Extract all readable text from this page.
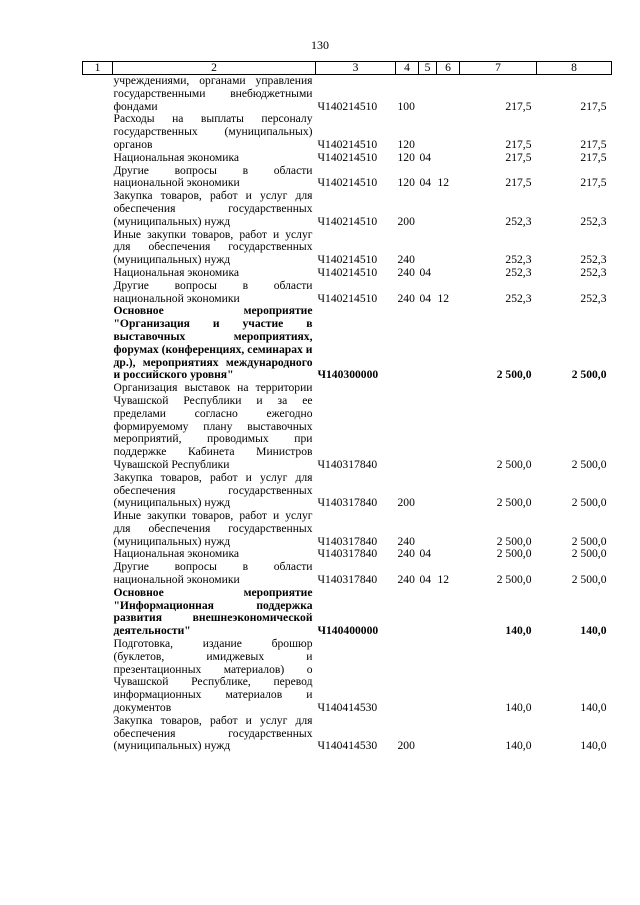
130
1	2	3	4	5	6	7	8
	учреждениями, органами управления государственными внебюджетными фондами	Ч140214510	100			217,5	217,5
	Расходы на выплаты персоналу государственных (муниципальных) органов	Ч140214510	120			217,5	217,5
	Национальная экономика	Ч140214510	120	04		217,5	217,5
	Другие вопросы в области национальной экономики	Ч140214510	120	04	12	217,5	217,5
	Закупка товаров, работ и услуг для обеспечения государственных (муниципальных) нужд	Ч140214510	200			252,3	252,3
	Иные закупки товаров, работ и услуг для обеспечения государственных (муниципальных) нужд	Ч140214510	240			252,3	252,3
	Национальная экономика	Ч140214510	240	04		252,3	252,3
	Другие вопросы в области национальной экономики	Ч140214510	240	04	12	252,3	252,3
	Основное мероприятие "Организация и участие в выставочных мероприятиях, форумах (конференциях, семинарах и др.), мероприятиях международного и российского уровня"	Ч140300000				2 500,0	2 500,0
	Организация выставок на территории Чувашской Республики и за ее пределами согласно ежегодно формируемому плану выставочных мероприятий, проводимых при поддержке Кабинета Министров Чувашской Республики	Ч140317840				2 500,0	2 500,0
	Закупка товаров, работ и услуг для обеспечения государственных (муниципальных) нужд	Ч140317840	200			2 500,0	2 500,0
	Иные закупки товаров, работ и услуг для обеспечения государственных (муниципальных) нужд	Ч140317840	240			2 500,0	2 500,0
	Национальная экономика	Ч140317840	240	04		2 500,0	2 500,0
	Другие вопросы в области национальной экономики	Ч140317840	240	04	12	2 500,0	2 500,0
	Основное мероприятие "Информационная поддержка развития внешнеэкономической деятельности"	Ч140400000				140,0	140,0
	Подготовка, издание брошюр (буклетов, имиджевых и презентационных материалов) о Чувашской Республике, перевод информационных материалов и документов	Ч140414530				140,0	140,0
	Закупка товаров, работ и услуг для обеспечения государственных (муниципальных) нужд	Ч140414530	200			140,0	140,0
